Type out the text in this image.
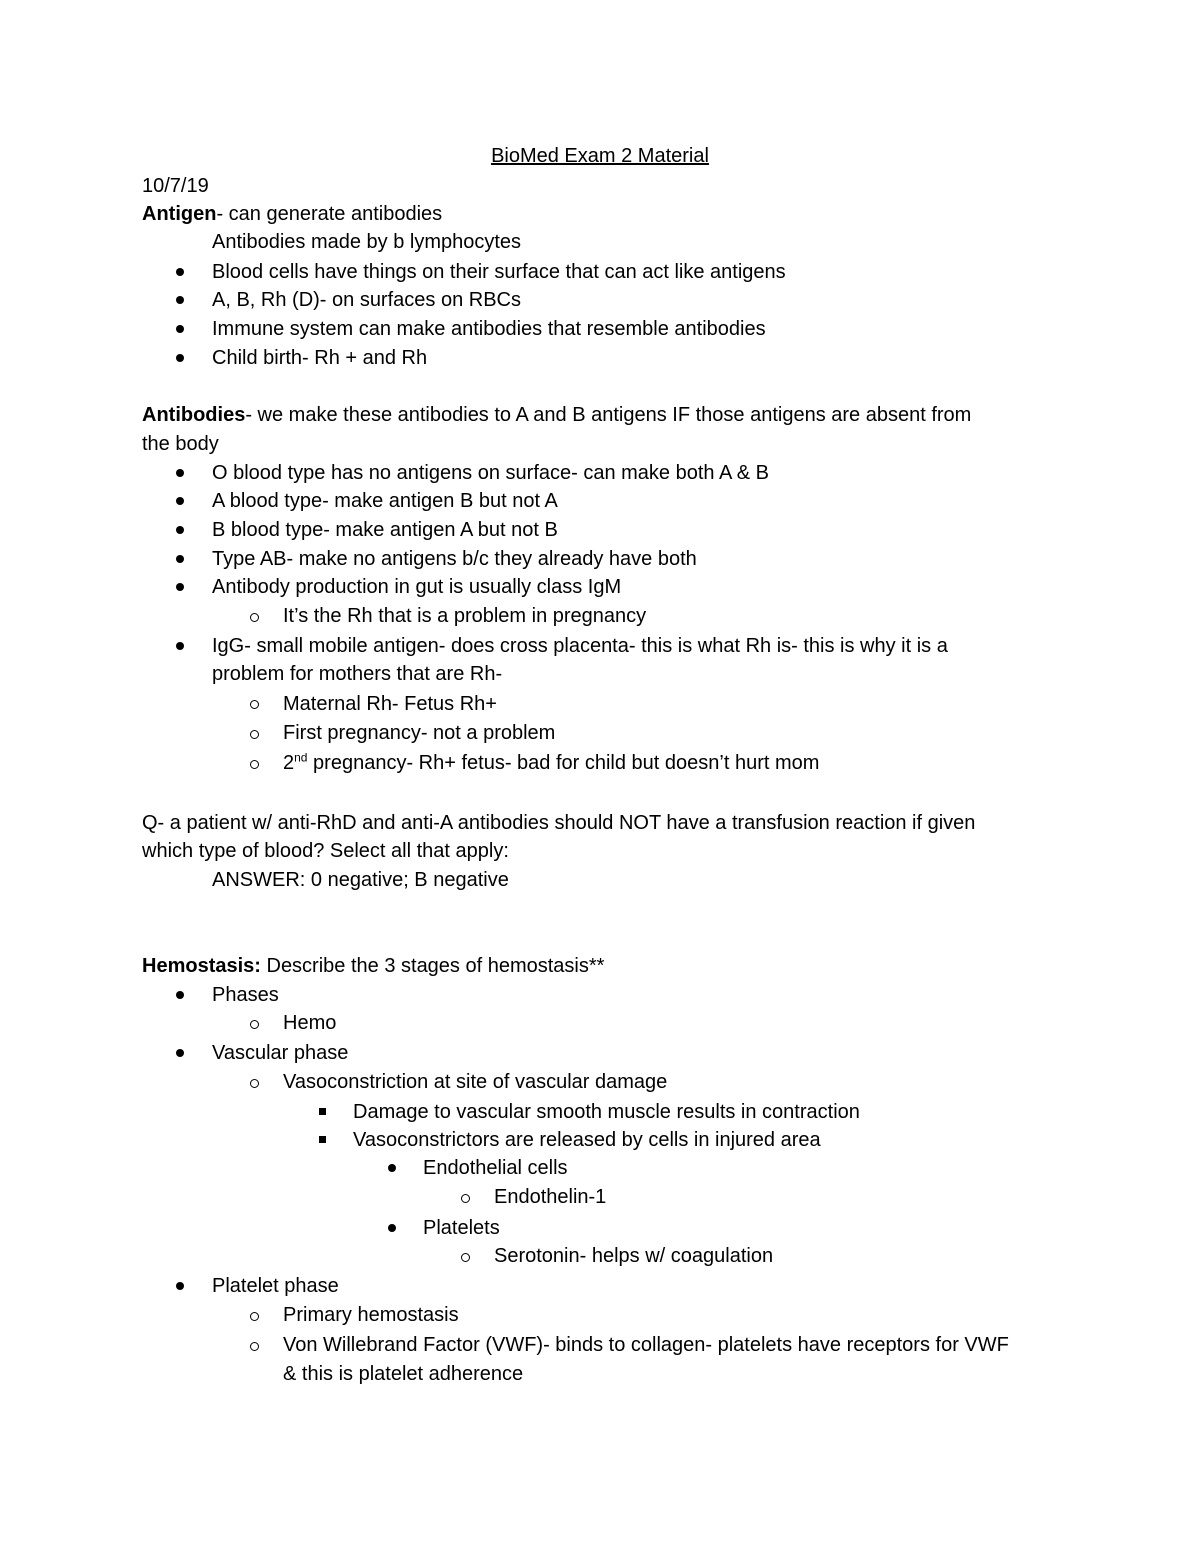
BioMed Exam 2 Material
10/7/19
Antigen- can generate antibodies
Antibodies made by b lymphocytes
Blood cells have things on their surface that can act like antigens
A, B, Rh (D)- on surfaces on RBCs
Immune system can make antibodies that resemble antibodies
Child birth- Rh + and Rh
Antibodies- we make these antibodies to A and B antigens IF those antigens are absent from
the body
O blood type has no antigens on surface- can make both A & B
A blood type- make antigen B but not A
B blood type- make antigen A but not B
Type AB- make no antigens b/c they already have both
Antibody production in gut is usually class IgM
It’s the Rh that is a problem in pregnancy
IgG- small mobile antigen- does cross placenta- this is what Rh is- this is why it is a
problem for mothers that are Rh-
Maternal Rh- Fetus Rh+
First pregnancy- not a problem
2nd pregnancy- Rh+ fetus- bad for child but doesn’t hurt mom
Q- a patient w/ anti-RhD and anti-A antibodies should NOT have a transfusion reaction if given
which type of blood? Select all that apply:
ANSWER: 0 negative; B negative
Hemostasis: Describe the 3 stages of hemostasis**
Phases
Hemo
Vascular phase
Vasoconstriction at site of vascular damage
Damage to vascular smooth muscle results in contraction
Vasoconstrictors are released by cells in injured area
Endothelial cells
Endothelin-1
Platelets
Serotonin- helps w/ coagulation
Platelet phase
Primary hemostasis
Von Willebrand Factor (VWF)- binds to collagen- platelets have receptors for VWF
& this is platelet adherence
